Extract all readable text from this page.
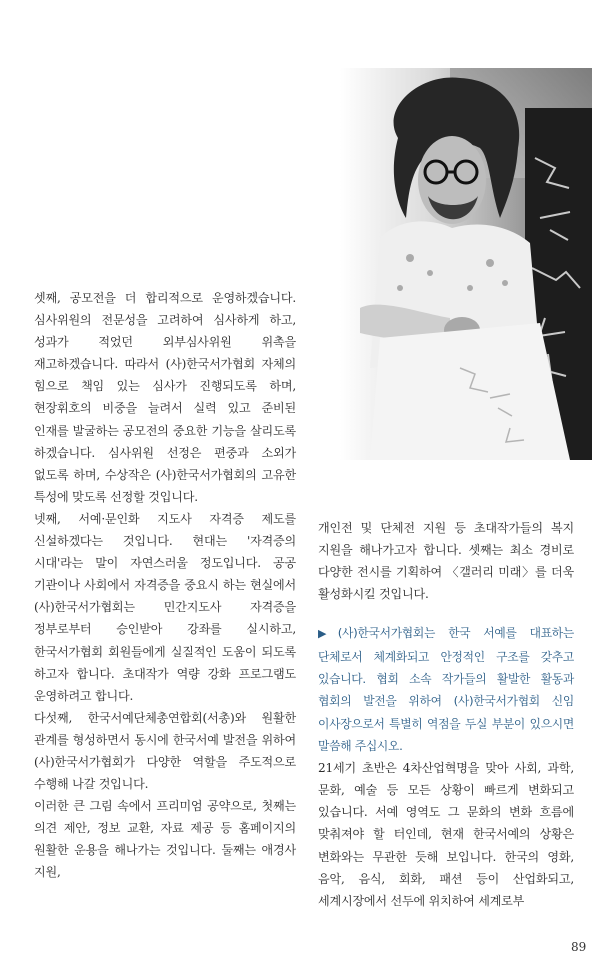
셋째, 공모전을 더 합리적으로 운영하겠습니다. 심사위원의 전문성을 고려하여 심사하게 하고, 성과가 적었던 외부심사위원 위촉을 재고하겠습니다. 따라서 (사)한국서가협회 자체의 힘으로 책임 있는 심사가 진행되도록 하며, 현장휘호의 비중을 늘려서 실력 있고 준비된 인재를 발굴하는 공모전의 중요한 기능을 살리도록 하겠습니다. 심사위원 선정은 편중과 소외가 없도록 하며, 수상작은 (사)한국서가협회의 고유한 특성에 맞도록 선정할 것입니다.

넷째, 서예·문인화 지도사 자격증 제도를 신설하겠다는 것입니다. 현대는 '자격증의 시대'라는 말이 자연스러울 정도입니다. 공공 기관이나 사회에서 자격증을 중요시 하는 현실에서 (사)한국서가협회는 민간지도사 자격증을 정부로부터 승인받아 강좌를 실시하고, 한국서가협회 회원들에게 실질적인 도움이 되도록 하고자 합니다. 초대작가 역량 강화 프로그램도 운영하려고 합니다.

다섯째, 한국서예단체총연합회(서총)와 원활한 관계를 형성하면서 동시에 한국서예 발전을 위하여 (사)한국서가협회가 다양한 역할을 주도적으로 수행해 나갈 것입니다.

이러한 큰 그림 속에서 프리미엄 공약으로, 첫째는 의견 제안, 정보 교환, 자료 제공 등 홈페이지의 원활한 운용을 해나가는 것입니다. 둘째는 애경사 지원,

개인전 및 단체전 지원 등 초대작가들의 복지 지원을 해나가고자 합니다. 셋째는 최소 경비로 다양한 전시를 기획하여 〈갤러리 미래〉를 더욱 활성화시킬 것입니다.

▶ (사)한국서가협회는 한국 서예를 대표하는 단체로서 체계화되고 안정적인 구조를 갖추고 있습니다. 협회 소속 작가들의 활발한 활동과 협회의 발전을 위하여 (사)한국서가협회 신임 이사장으로서 특별히 역점을 두실 부분이 있으시면 말씀해 주십시오.

21세기 초반은 4차산업혁명을 맞아 사회, 과학, 문화, 예술 등 모든 상황이 빠르게 변화되고 있습니다. 서예 영역도 그 문화의 변화 흐름에 맞춰져야 할 터인데, 현재 한국서예의 상황은 변화와는 무관한 듯해 보입니다. 한국의 영화, 음악, 음식, 회화, 패션 등이 산업화되고, 세계시장에서 선두에 위치하여 세계로부

89
